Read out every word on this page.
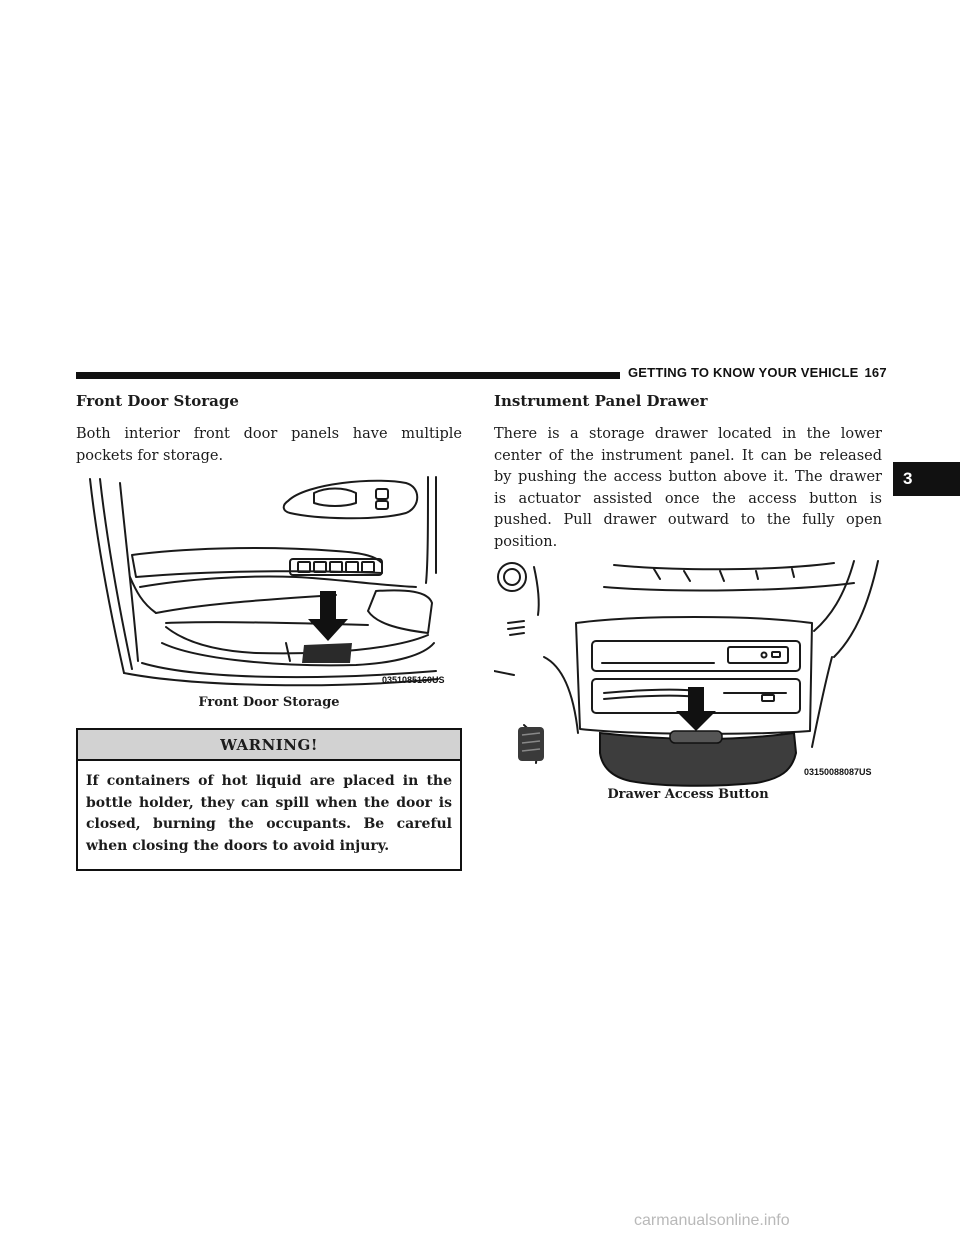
GETTING TO KNOW YOUR VEHICLE 167
3
Front Door Storage

Both interior front door panels have multiple pockets for storage.

0351085160US
Front Door Storage
WARNING!
If containers of hot liquid are placed in the bottle holder, they can spill when the door is closed, burning the occupants. Be careful when closing the doors to avoid injury.
Instrument Panel Drawer

There is a storage drawer located in the lower center of the instrument panel. It can be released by pushing the access button above it. The drawer is actuator assisted once the access button is pushed. Pull drawer outward to the fully open position.

03150088087US
Drawer Access Button
carmanualsonline.info
